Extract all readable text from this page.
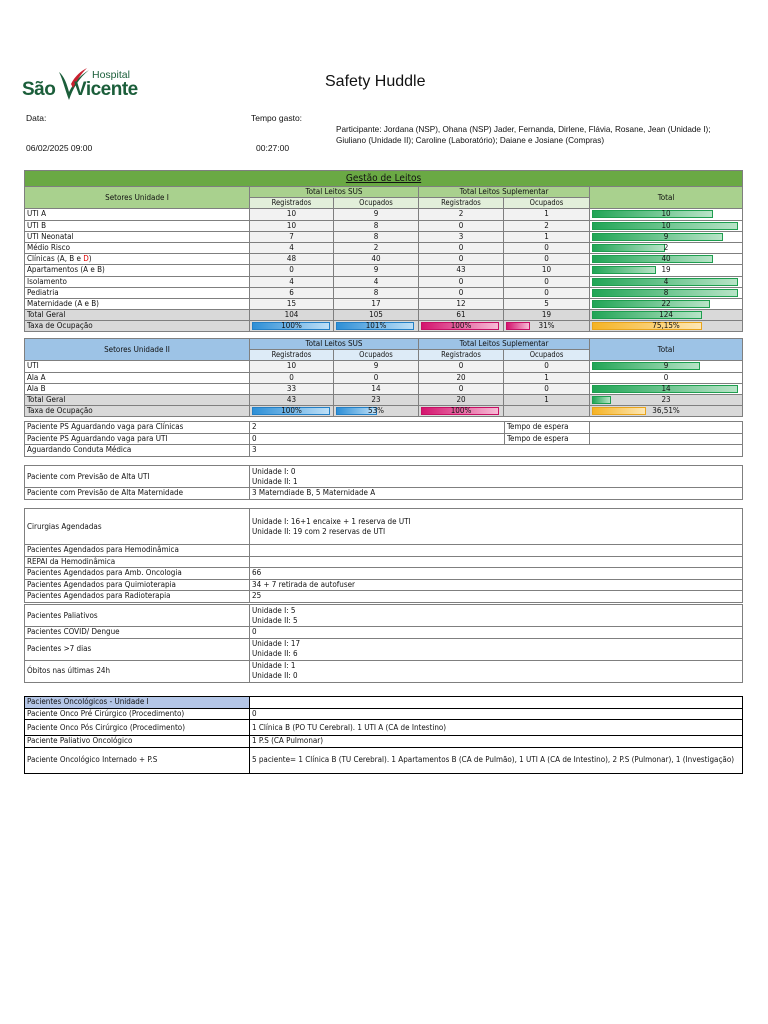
Hospital
São Vicente	Safety Huddle
Data:
06/02/2025 09:00
Tempo gasto:
00:27:00
Participante: Jordana (NSP), Ohana (NSP) Jader, Fernanda, Dirlene, Flávia, Rosane, Jean (Unidade I); Giuliano (Unidade II); Caroline (Laboratório); Daiane e Josiane (Compras)
Gestão de Leitos					
Setores Unidade I	Total Leitos SUS		Total Leitos Suplementar		Total
	Registrados	Ocupados	Registrados	Ocupados	
UTI A	10	9	2	1	10

UTI B	10	8	0	2	10

UTI Neonatal	7	8	3	1	9

Médio Risco	4	2	0	0	2

Clínicas (A, B e D)	48	40	0	0	40

Apartamentos (A e B)	0	9	43	10	19

Isolamento	4	4	0	0	4

Pediatria	6	8	0	0	8

Maternidade (A e B)	15	17	12	5	22

Total Geral	104	105	61	19	124

Taxa de Ocupação	100%	101%	100%	31%	75,15%
Setores Unidade II	Total Leitos SUS		Total Leitos Suplementar		Total
	Registrados	Ocupados	Registrados	Ocupados	
UTI	10	9	0	0	9

Ala A	0	0	20	1	0

Ala B	33	14	0	0	14

Total Geral	43	23	20	1	23

Taxa de Ocupação	100%	53%	100%		36,51%
Paciente PS Aguardando vaga para Clínicas	2	Tempo de espera	
Paciente PS Aguardando vaga para UTI	0	Tempo de espera	
Aguardando Conduta Médica	3		
Paciente com Previsão de Alta UTI	Unidade I: 0
Unidade II: 1

Paciente com Previsão de Alta Maternidade	3 Materndiade B, 5 Maternidade A
Cirurgias Agendadas	Unidade I: 16+1 encaixe + 1 reserva de UTI
Unidade II: 19 com 2 reservas de UTI

Pacientes Agendados para Hemodinâmica	
REPAI da Hemodinâmica	
Pacientes Agendados para Amb. Oncologia	66
Pacientes Agendados para Quimioterapia	34 + 7 retirada de autofuser
Pacientes Agendados para Radioterapia	25
Pacientes Paliativos	Unidade I: 5
Unidade II: 5

Pacientes COVID/ Dengue	0
Pacientes >7 dias	Unidade I: 17
Unidade II: 6

Óbitos nas últimas 24h	Unidade I: 1
Unidade II: 0
Pacientes Oncológicos - Unidade I	
Paciente Onco Pré Cirúrgico (Procedimento)	0
Paciente Onco Pós Cirúrgico (Procedimento)	1 Clínica B (PO TU Cerebral). 1 UTI A (CA de Intestino)
Paciente Paliativo Oncológico	1 P.S (CA Pulmonar)
Paciente Oncológico Internado + P.S	5 paciente= 1 Clínica B (TU Cerebral). 1 Apartamentos B (CA de Pulmão), 1 UTI A (CA de Intestino), 2 P.S (Pulmonar), 1 (Investigação)
